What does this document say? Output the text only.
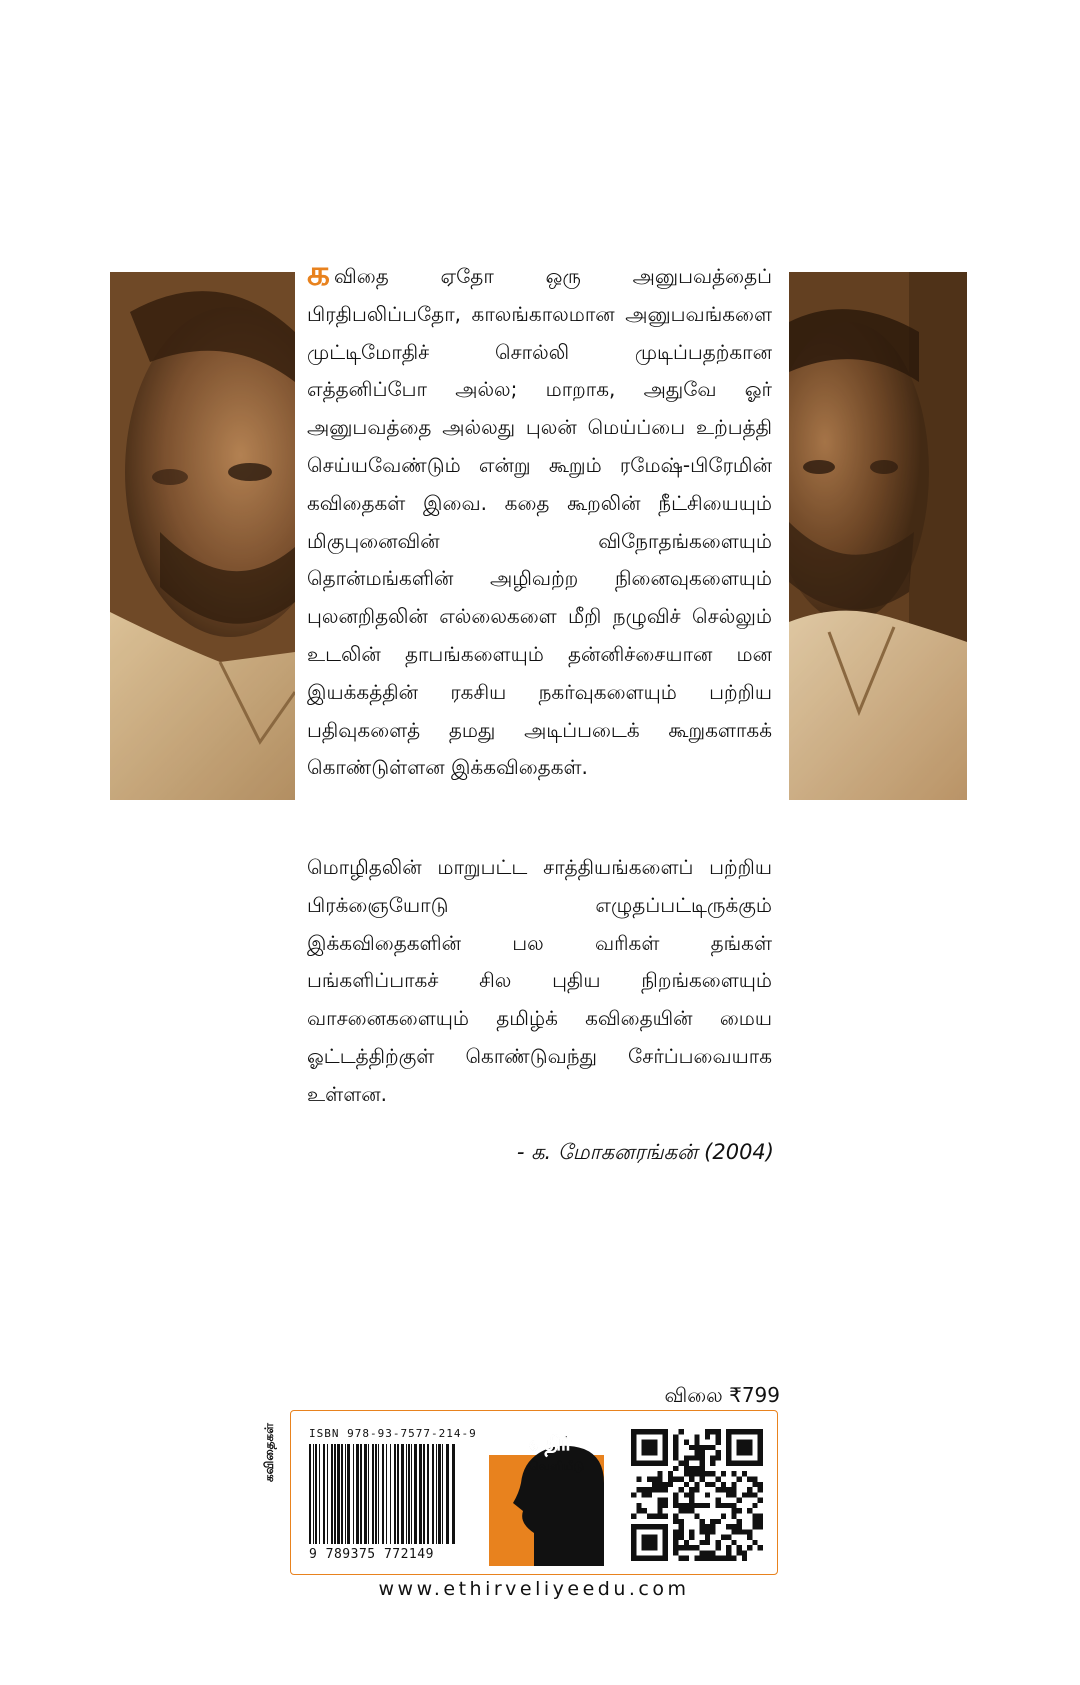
கவிதை ஏதோ ஒரு அனுபவத்தைப் பிரதிபலிப்பதோ, காலங்காலமான அனுபவங்களை முட்டிமோதிச் சொல்லி முடிப்பதற்கான எத்தனிப்போ அல்ல; மாறாக, அதுவே ஓர் அனுபவத்தை அல்லது புலன் மெய்ப்பை உற்பத்தி செய்யவேண்டும் என்று கூறும் ரமேஷ்-பிரேமின் கவிதைகள் இவை. கதை கூறலின் நீட்சியையும் மிகுபுனைவின் விநோதங்களையும் தொன்மங்களின் அழிவற்ற நினைவுகளையும் புலனறிதலின் எல்லைகளை மீறி நழுவிச் செல்லும் உடலின் தாபங்களையும் தன்னிச்சையான மன இயக்கத்தின் ரகசிய நகர்வுகளையும் பற்றிய பதிவுகளைத் தமது அடிப்படைக் கூறுகளாகக் கொண்டுள்ளன இக்கவிதைகள்.

மொழிதலின் மாறுபட்ட சாத்தியங்களைப் பற்றிய பிரக்ஞையோடு எழுதப்பட்டிருக்கும் இக்கவிதைகளின் பல வரிகள் தங்கள் பங்களிப்பாகச் சில புதிய நிறங்களையும் வாசனைகளையும் தமிழ்க் கவிதையின் மைய ஓட்டத்திற்குள் கொண்டுவந்து சேர்ப்பவையாக உள்ளன.

- க. மோகனரங்கன் (2004)
விலை ₹799
கவிதைகள்	ISBN 978-93-7577-214-9
9 789375 772149
எதிர்
வெளியீடு
www.ethirveliyeedu.com
